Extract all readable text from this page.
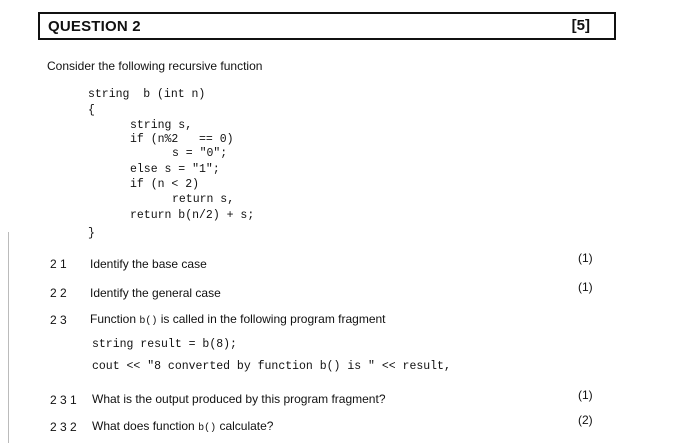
QUESTION 2	[5]
Consider the following recursive function
string  b (int n)
{
string s,
if (n%2   == 0)
s = "0";
else s = "1";
if (n < 2)
return s,
return b(n/2) + s;
}
2 1 Identify the base case	(1)
2 2 Identify the general case	(1)
2 3 Function b() is called in the following program fragment
string result = b(8);
cout << "8 converted by function b() is " << result,
2 3 1 What is the output produced by this program fragment?	(1)
2 3 2 What does function b() calculate?	(2)
